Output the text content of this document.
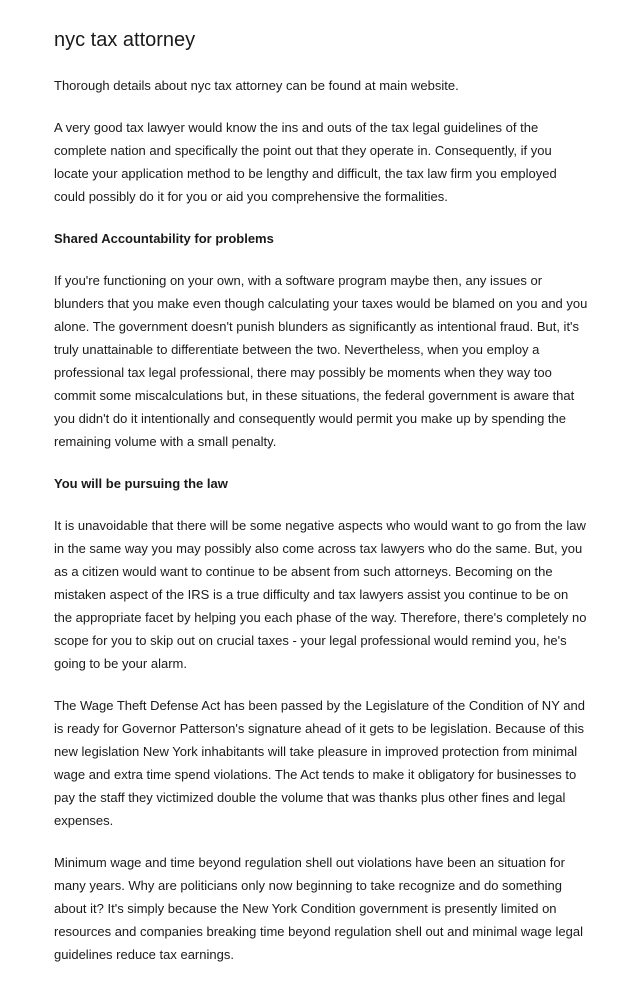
nyc tax attorney

Thorough details about nyc tax attorney can be found at main website.

A very good tax lawyer would know the ins and outs of the tax legal guidelines of the complete nation and specifically the point out that they operate in. Consequently, if you locate your application method to be lengthy and difficult, the tax law firm you employed could possibly do it for you or aid you comprehensive the formalities.

Shared Accountability for problems

If you're functioning on your own, with a software program maybe then, any issues or blunders that you make even though calculating your taxes would be blamed on you and you alone. The government doesn't punish blunders as significantly as intentional fraud. But, it's truly unattainable to differentiate between the two. Nevertheless, when you employ a professional tax legal professional, there may possibly be moments when they way too commit some miscalculations but, in these situations, the federal government is aware that you didn't do it intentionally and consequently would permit you make up by spending the remaining volume with a small penalty.

You will be pursuing the law

It is unavoidable that there will be some negative aspects who would want to go from the law in the same way you may possibly also come across tax lawyers who do the same. But, you as a citizen would want to continue to be absent from such attorneys. Becoming on the mistaken aspect of the IRS is a true difficulty and tax lawyers assist you continue to be on the appropriate facet by helping you each phase of the way. Therefore, there's completely no scope for you to skip out on crucial taxes - your legal professional would remind you, he's going to be your alarm.

The Wage Theft Defense Act has been passed by the Legislature of the Condition of NY and is ready for Governor Patterson's signature ahead of it gets to be legislation. Because of this new legislation New York inhabitants will take pleasure in improved protection from minimal wage and extra time spend violations. The Act tends to make it obligatory for businesses to pay the staff they victimized double the volume that was thanks plus other fines and legal expenses.

Minimum wage and time beyond regulation shell out violations have been an situation for many years. Why are politicians only now beginning to take recognize and do something about it? It's simply because the New York Condition government is presently limited on resources and companies breaking time beyond regulation shell out and minimal wage legal guidelines reduce tax earnings.
